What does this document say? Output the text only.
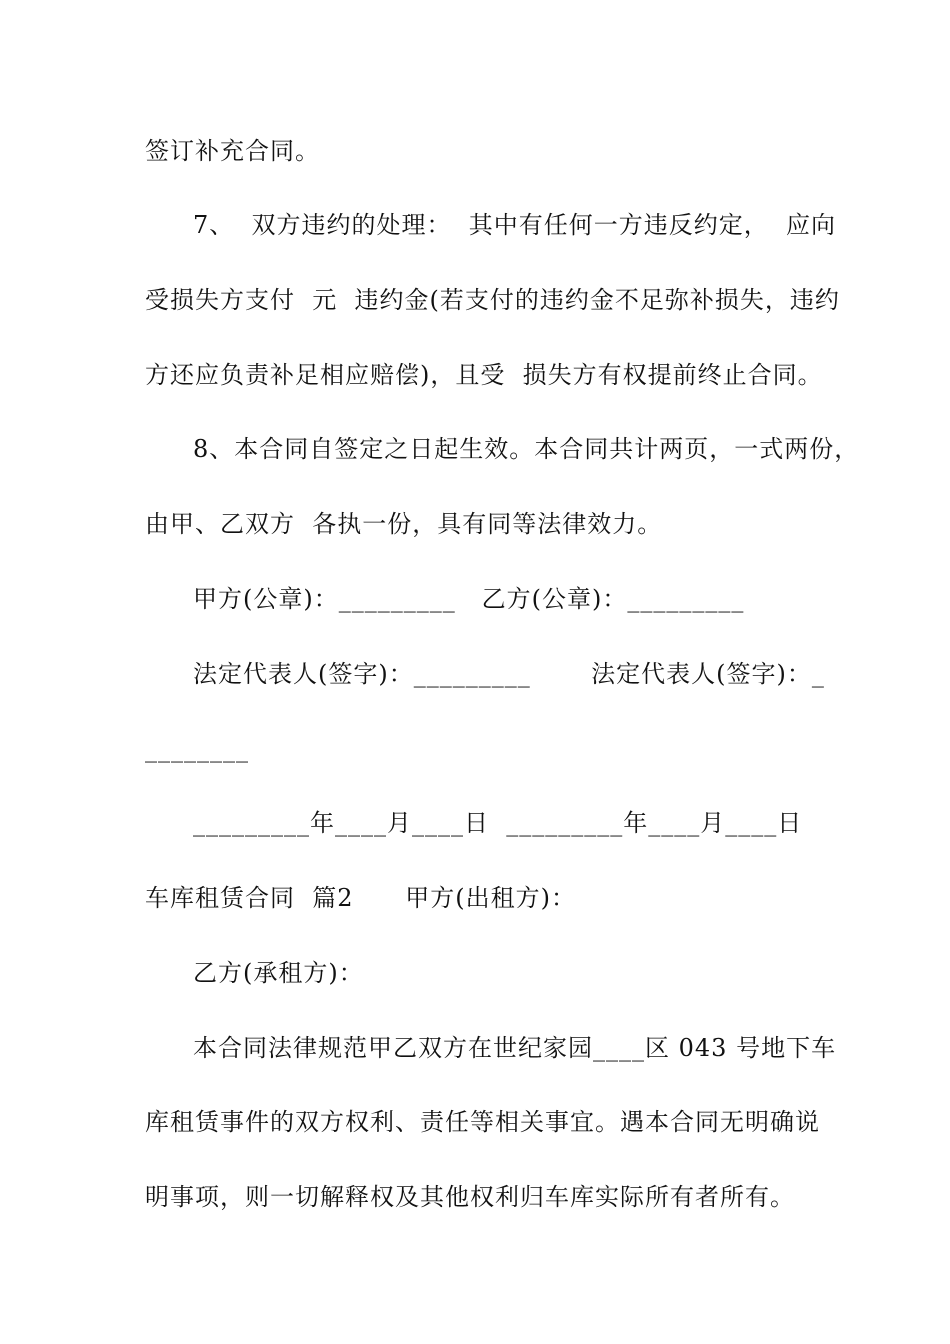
签订补充合同。
7、  双方违约的处理：  其中有任何一方违反约定，  应向
受损失方支付  元  违约金(若支付的违约金不足弥补损失，违约
方还应负责补足相应赔偿)，且受  损失方有权提前终止合同。
8、本合同自签定之日起生效。本合同共计两页，一式两份，
由甲、乙双方  各执一份，具有同等法律效力。
甲方(公章)：_________   乙方(公章)：_________
法定代表人(签字)：_________       法定代表人(签字)：_
________
_________年____月____日  _________年____月____日
车库租赁合同  篇2      甲方(出租方)：
乙方(承租方)：
本合同法律规范甲乙双方在世纪家园____区 043 号地下车
库租赁事件的双方权利、责任等相关事宜。遇本合同无明确说
明事项，则一切解释权及其他权利归车库实际所有者所有。
